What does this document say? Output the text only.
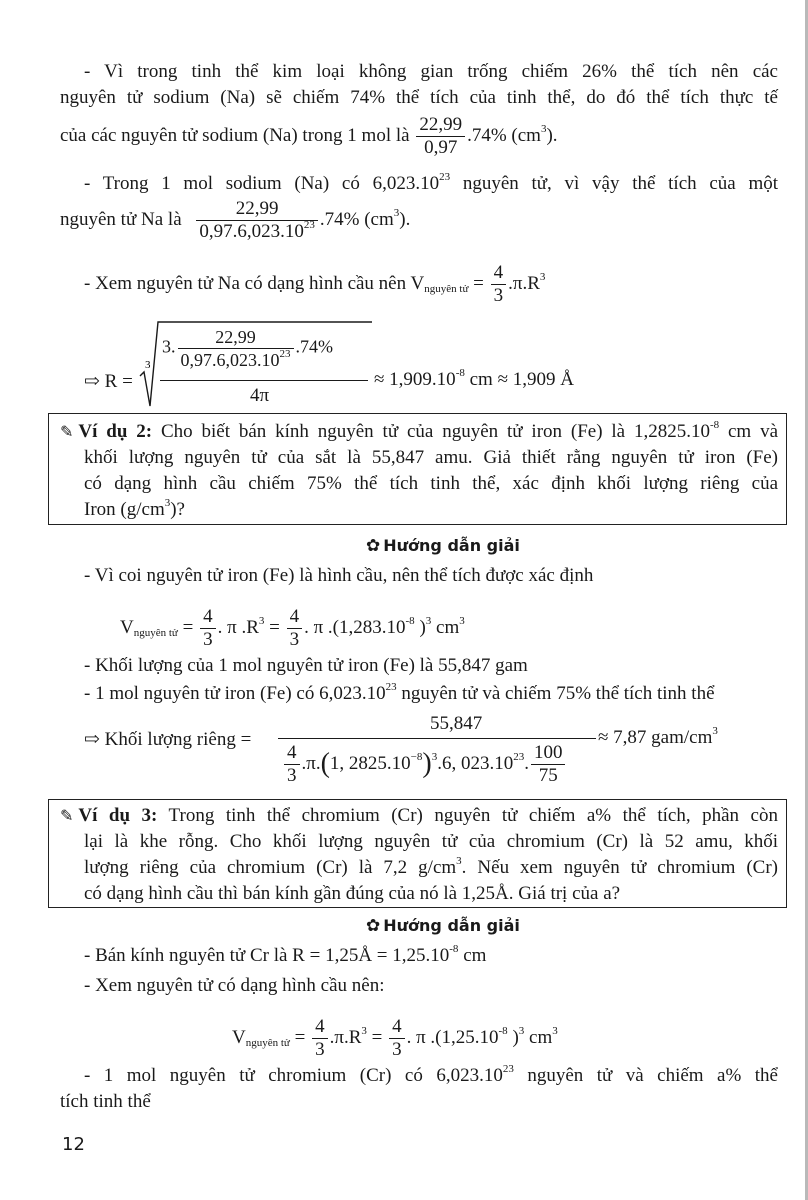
- Vì trong tinh thể kim loại không gian trống chiếm 26% thể tích nên các
nguyên tử sodium (Na) sẽ chiếm 74% thể tích của tinh thể, do đó thể tích thực tế
của các nguyên tử sodium (Na) trong 1 mol là $\frac{22,99}{0,97} .74\%$ $(cm^3)$.
- Trong 1 mol sodium (Na) có 6,023.10$^{23}$ nguyên tử, vì vậy thể tích của một
nguyên tử Na là $\frac{22,99}{0,97.6,023.10^{23}} .74\%$ $(cm^3)$.
- Xem nguyên tử Na có dạng hình cầu nên $V_{nguyên tử} = \frac{4}{3} .\pi.R^3$
⇨ R =
3
3. $\frac{22,99}{0,97.6,023.10^{23}} .74\%$
4π
≈ $1,909.10^{-8}$ cm ≈ 1,909 Å
✎ Ví dụ 2: Cho biết bán kính nguyên tử của nguyên tử iron (Fe) là $1,2825.10^{-8}$ cm và
khối lượng nguyên tử của sắt là 55,847 amu. Giả thiết rằng nguyên tử iron (Fe)
có dạng hình cầu chiếm 75% thể tích tinh thể, xác định khối lượng riêng của
Iron $(g/cm^3)$?
✿ Hướng dẫn giải
- Vì coi nguyên tử iron (Fe) là hình cầu, nên thể tích được xác định
$V_{nguyên tử} = \frac{4}{3}$ . π $.R^3 = \frac{4}{3}$ . π $.(1,283.10^{-8}$ )$^3$ $cm^3$
- Khối lượng của 1 mol nguyên tử iron (Fe) là 55,847 gam
- 1 mol nguyên tử iron (Fe) có 6,023.10$^{23}$ nguyên tử và chiếm 75% thể tích tinh thể
⇨ Khối lượng riêng =
55,847
$\frac{4}{3} .\pi.(1$, $2825.10^{-8})^3.6$, 023.10$^{23}$. $\frac{100}{75}$
≈ 7,87 gam/$cm^3$
✎ Ví dụ 3: Trong tinh thể chromium (Cr) nguyên tử chiếm a% thể tích, phần còn
lại là khe rỗng. Cho khối lượng nguyên tử của chromium (Cr) là 52 amu, khối
lượng riêng của chromium (Cr) là 7,2 $g/cm^3$. Nếu xem nguyên tử chromium (Cr)
có dạng hình cầu thì bán kính gần đúng của nó là 1,25Å. Giá trị của a?
✿ Hướng dẫn giải
- Bán kính nguyên tử Cr là R = 1,25Å = $1,25.10^{-8}$ cm
- Xem nguyên tử có dạng hình cầu nên:
$V_{nguyên tử} = \frac{4}{3} .\pi.R^3 = \frac{4}{3}$ . π $.(1,25.10^{-8}$ )$^3$ $cm^3$
- 1 mol nguyên tử chromium (Cr) có 6,023.10$^{23}$ nguyên tử và chiếm a% thể
tích tinh thể
12
